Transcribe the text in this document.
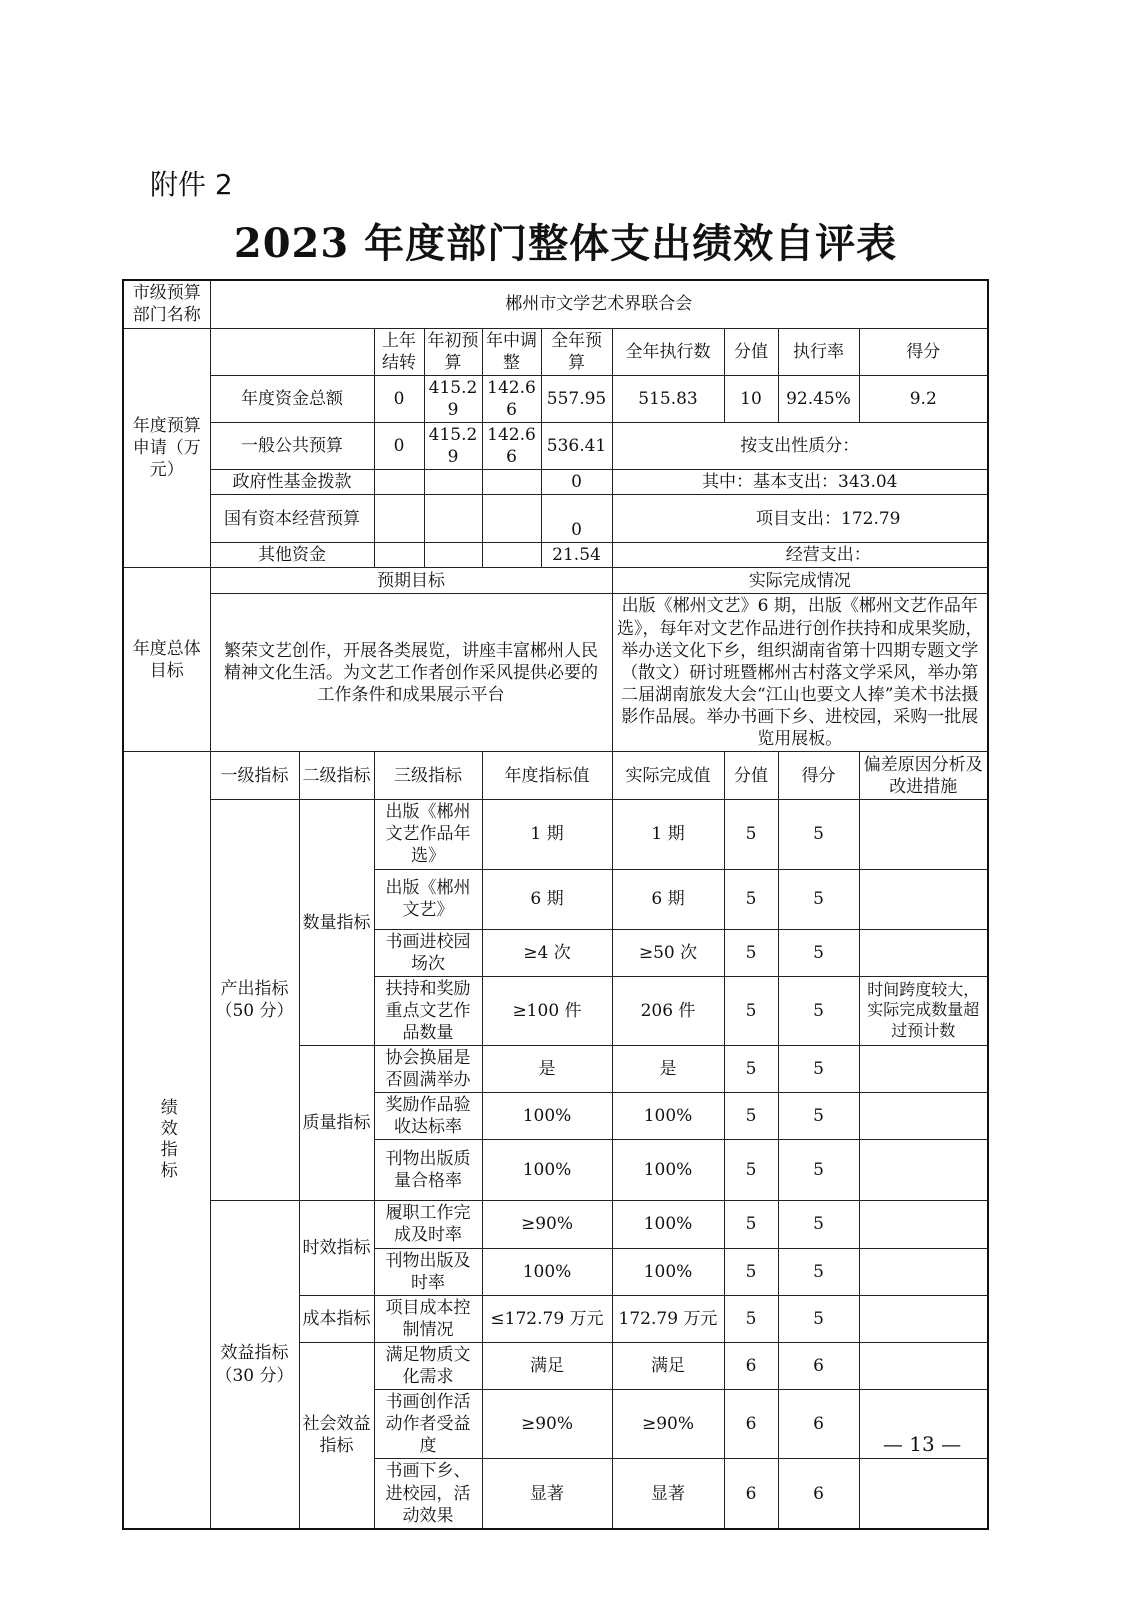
附件 2
2023 年度部门整体支出绩效自评表
市级预算部门名称	郴州市文学艺术界联合会									
年度预算申请（万元）			上年结转	年初预算	年中调整	全年预算	全年执行数	分值	执行率	得分
	年度资金总额		0	415.29	142.66	557.95	515.83	10	92.45%	9.2
	一般公共预算		0	415.29	142.66	536.41	按支出性质分：			
	政府性基金拨款					0	其中：基本支出：343.04			
	国有资本经营预算					0	项目支出：172.79			
	其他资金					21.54	经营支出：			
年度总体目标	预期目标						实际完成情况			
	繁荣文艺创作，开展各类展览，讲座丰富郴州人民精神文化生活。为文艺工作者创作采风提供必要的工作条件和成果展示平台						出版《郴州文艺》6 期，出版《郴州文艺作品年选》，每年对文艺作品进行创作扶持和成果奖励，举办送文化下乡，组织湖南省第十四期专题文学（散文）研讨班暨郴州古村落文学采风，举办第二届湖南旅发大会“江山也要文人捧”美术书法摄影作品展。举办书画下乡、进校园，采购一批展览用展板。			
绩效指标	一级指标	二级指标	三级指标		年度指标值		实际完成值	分值	得分	偏差原因分析及改进措施
	产出指标（50 分）	数量指标	出版《郴州文艺作品年选》		1 期		1 期	5	5	
			出版《郴州文艺》		6 期		6 期	5	5	
			书画进校园场次		≥4 次		≥50 次	5	5	
			扶持和奖励重点文艺作品数量		≥100 件		206 件	5	5	时间跨度较大，实际完成数量超过预计数
		质量指标	协会换届是否圆满举办		是		是	5	5	
			奖励作品验收达标率		100%		100%	5	5	
			刊物出版质量合格率		100%		100%	5	5	
	效益指标（30 分）	时效指标	履职工作完成及时率		≥90%		100%	5	5	
			刊物出版及时率		100%		100%	5	5	
		成本指标	项目成本控制情况		≤172.79 万元		172.79 万元	5	5	
		社会效益指标	满足物质文化需求		满足		满足	6	6	
			书画创作活动作者受益度		≥90%		≥90%	6	6	
			书画下乡、进校园，活动效果		显著		显著	6	6	
— 13 —
